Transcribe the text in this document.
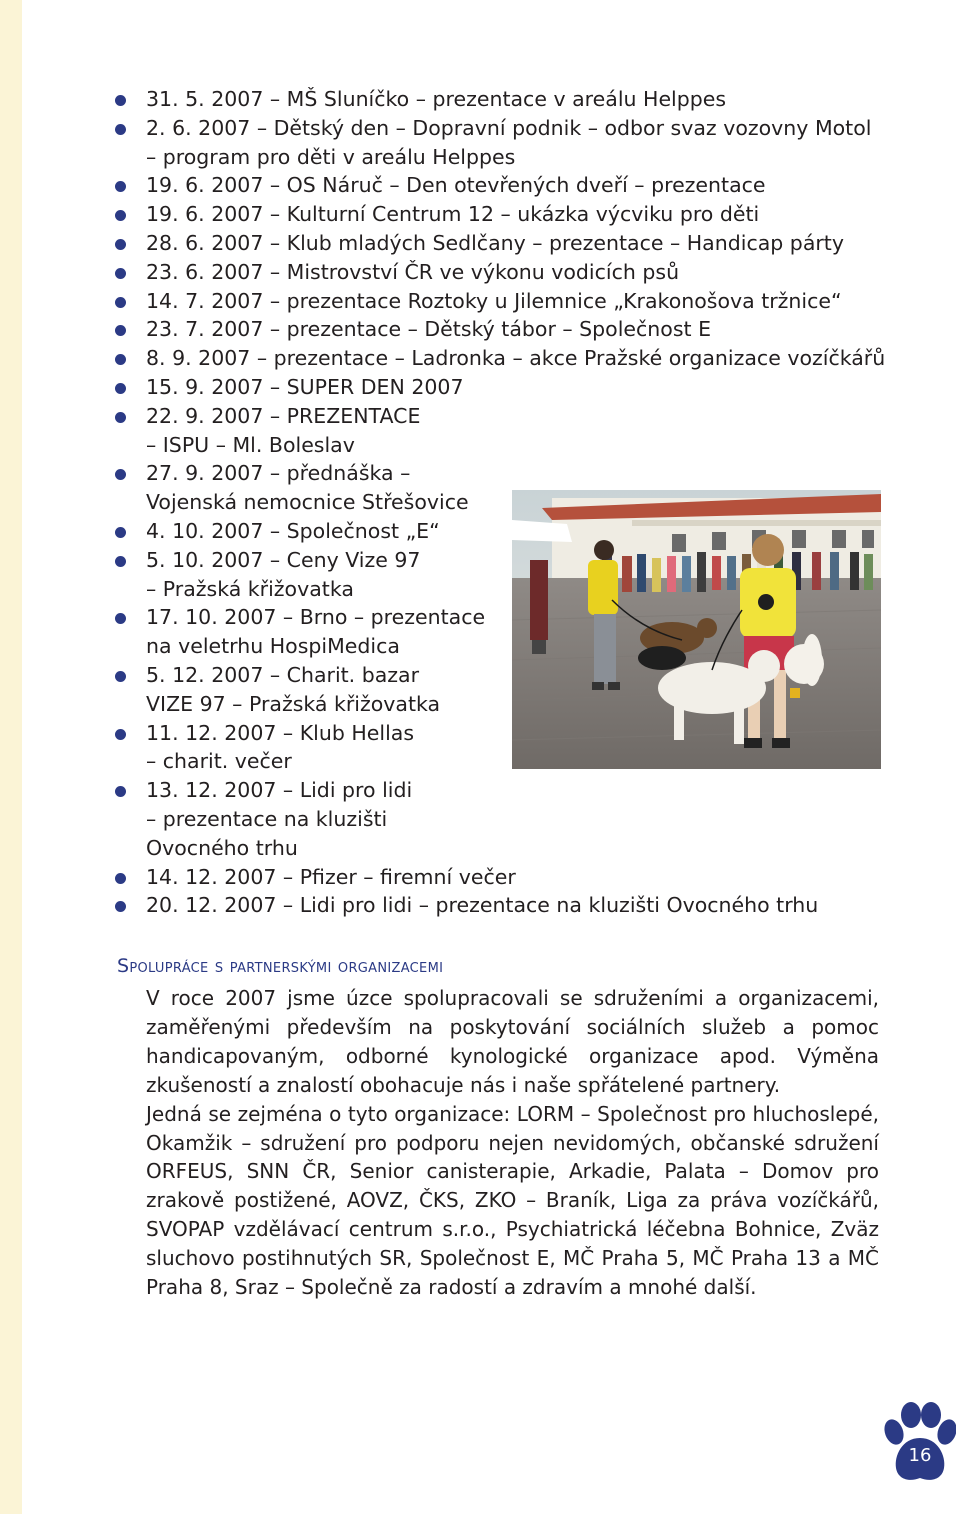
31. 5. 2007 – MŠ Sluníčko – prezentace v areálu Helppes
2. 6. 2007 – Dětský den – Dopravní podnik – odbor svaz vozovny Motol
– program pro děti v areálu Helppes
19. 6. 2007 – OS Náruč – Den otevřených dveří – prezentace
19. 6. 2007 – Kulturní Centrum 12 – ukázka výcviku pro děti
28. 6. 2007 – Klub mladých Sedlčany – prezentace – Handicap párty
23. 6. 2007 – Mistrovství ČR ve výkonu vodicích psů
14. 7. 2007 – prezentace Roztoky u Jilemnice „Krakonošova tržnice“
23. 7. 2007 – prezentace – Dětský tábor – Společnost E
8. 9. 2007 – prezentace – Ladronka – akce Pražské organizace vozíčkářů
15. 9. 2007 – SUPER DEN 2007
22. 9. 2007 – PREZENTACE
– ISPU – Ml. Boleslav
27. 9. 2007 – přednáška –
Vojenská nemocnice Střešovice
4. 10. 2007 – Společnost „E“
5. 10. 2007 – Ceny Vize 97
– Pražská křižovatka
17. 10. 2007 – Brno – prezentace
na veletrhu HospiMedica
5. 12. 2007 – Charit. bazar
VIZE 97 – Pražská křižovatka
11. 12. 2007 – Klub Hellas
– charit. večer
13. 12. 2007 – Lidi pro lidi
– prezentace na kluzišti
Ovocného trhu
14. 12. 2007 – Pfizer – firemní večer
20. 12. 2007 – Lidi pro lidi – prezentace na kluzišti Ovocného trhu
Spolupráce s partnerskými organizacemi

V roce 2007 jsme úzce spolupracovali se sdruženími a organizacemi, zaměřenými především na poskytování sociálních služeb a pomoc handicapovaným, odborné kynologické organizace apod. Výměna zkušeností a znalostí obohacuje nás i naše spřátelené partnery.

Jedná se zejména o tyto organizace: LORM – Společnost pro hluchoslepé, Okamžik – sdružení pro podporu nejen nevidomých, občanské sdružení ORFEUS, SNN ČR, Senior canisterapie, Arkadie, Palata – Domov pro zrakově postižené, AOVZ, ČKS, ZKO – Braník, Liga za práva vozíčkářů, SVOPAP vzdělávací centrum s.r.o., Psychiatrická léčebna Bohnice, Zväz sluchovo postihnutých SR, Společnost E, MČ Praha 5, MČ Praha 13 a MČ Praha 8, Sraz – Společně za radostí a zdravím a mnohé další.

16
